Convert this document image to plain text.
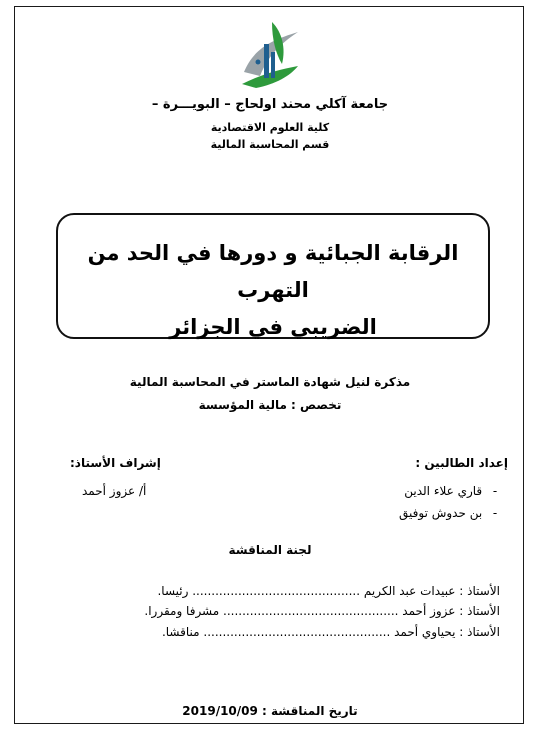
جامعة آكلي محند اولحاج – البويـــرة –
كلية العلوم الاقتصادية
قسم المحاسبة المالية
الرقابة الجبائية و دورها في الحد من التهرب
الضريبي في الجزائر
مذكرة لنيل شهادة الماستر في المحاسبة المالية
تخصص : مالية المؤسسة
إعداد الطالبين :
- قاري علاء الدين
- بن حدوش توفيق
إشراف الأستاذ:
أ/ عزوز أحمد
لجنة المناقشة
الأستاذ : عبيدات عبد الكريم ............................................ رئيسا.
الأستاذ : عزوز أحمد .............................................. مشرفا ومقررا.
الأستاذ : يحياوي أحمد ................................................. مناقشا.
تاريخ المناقشة : 2019/10/09
